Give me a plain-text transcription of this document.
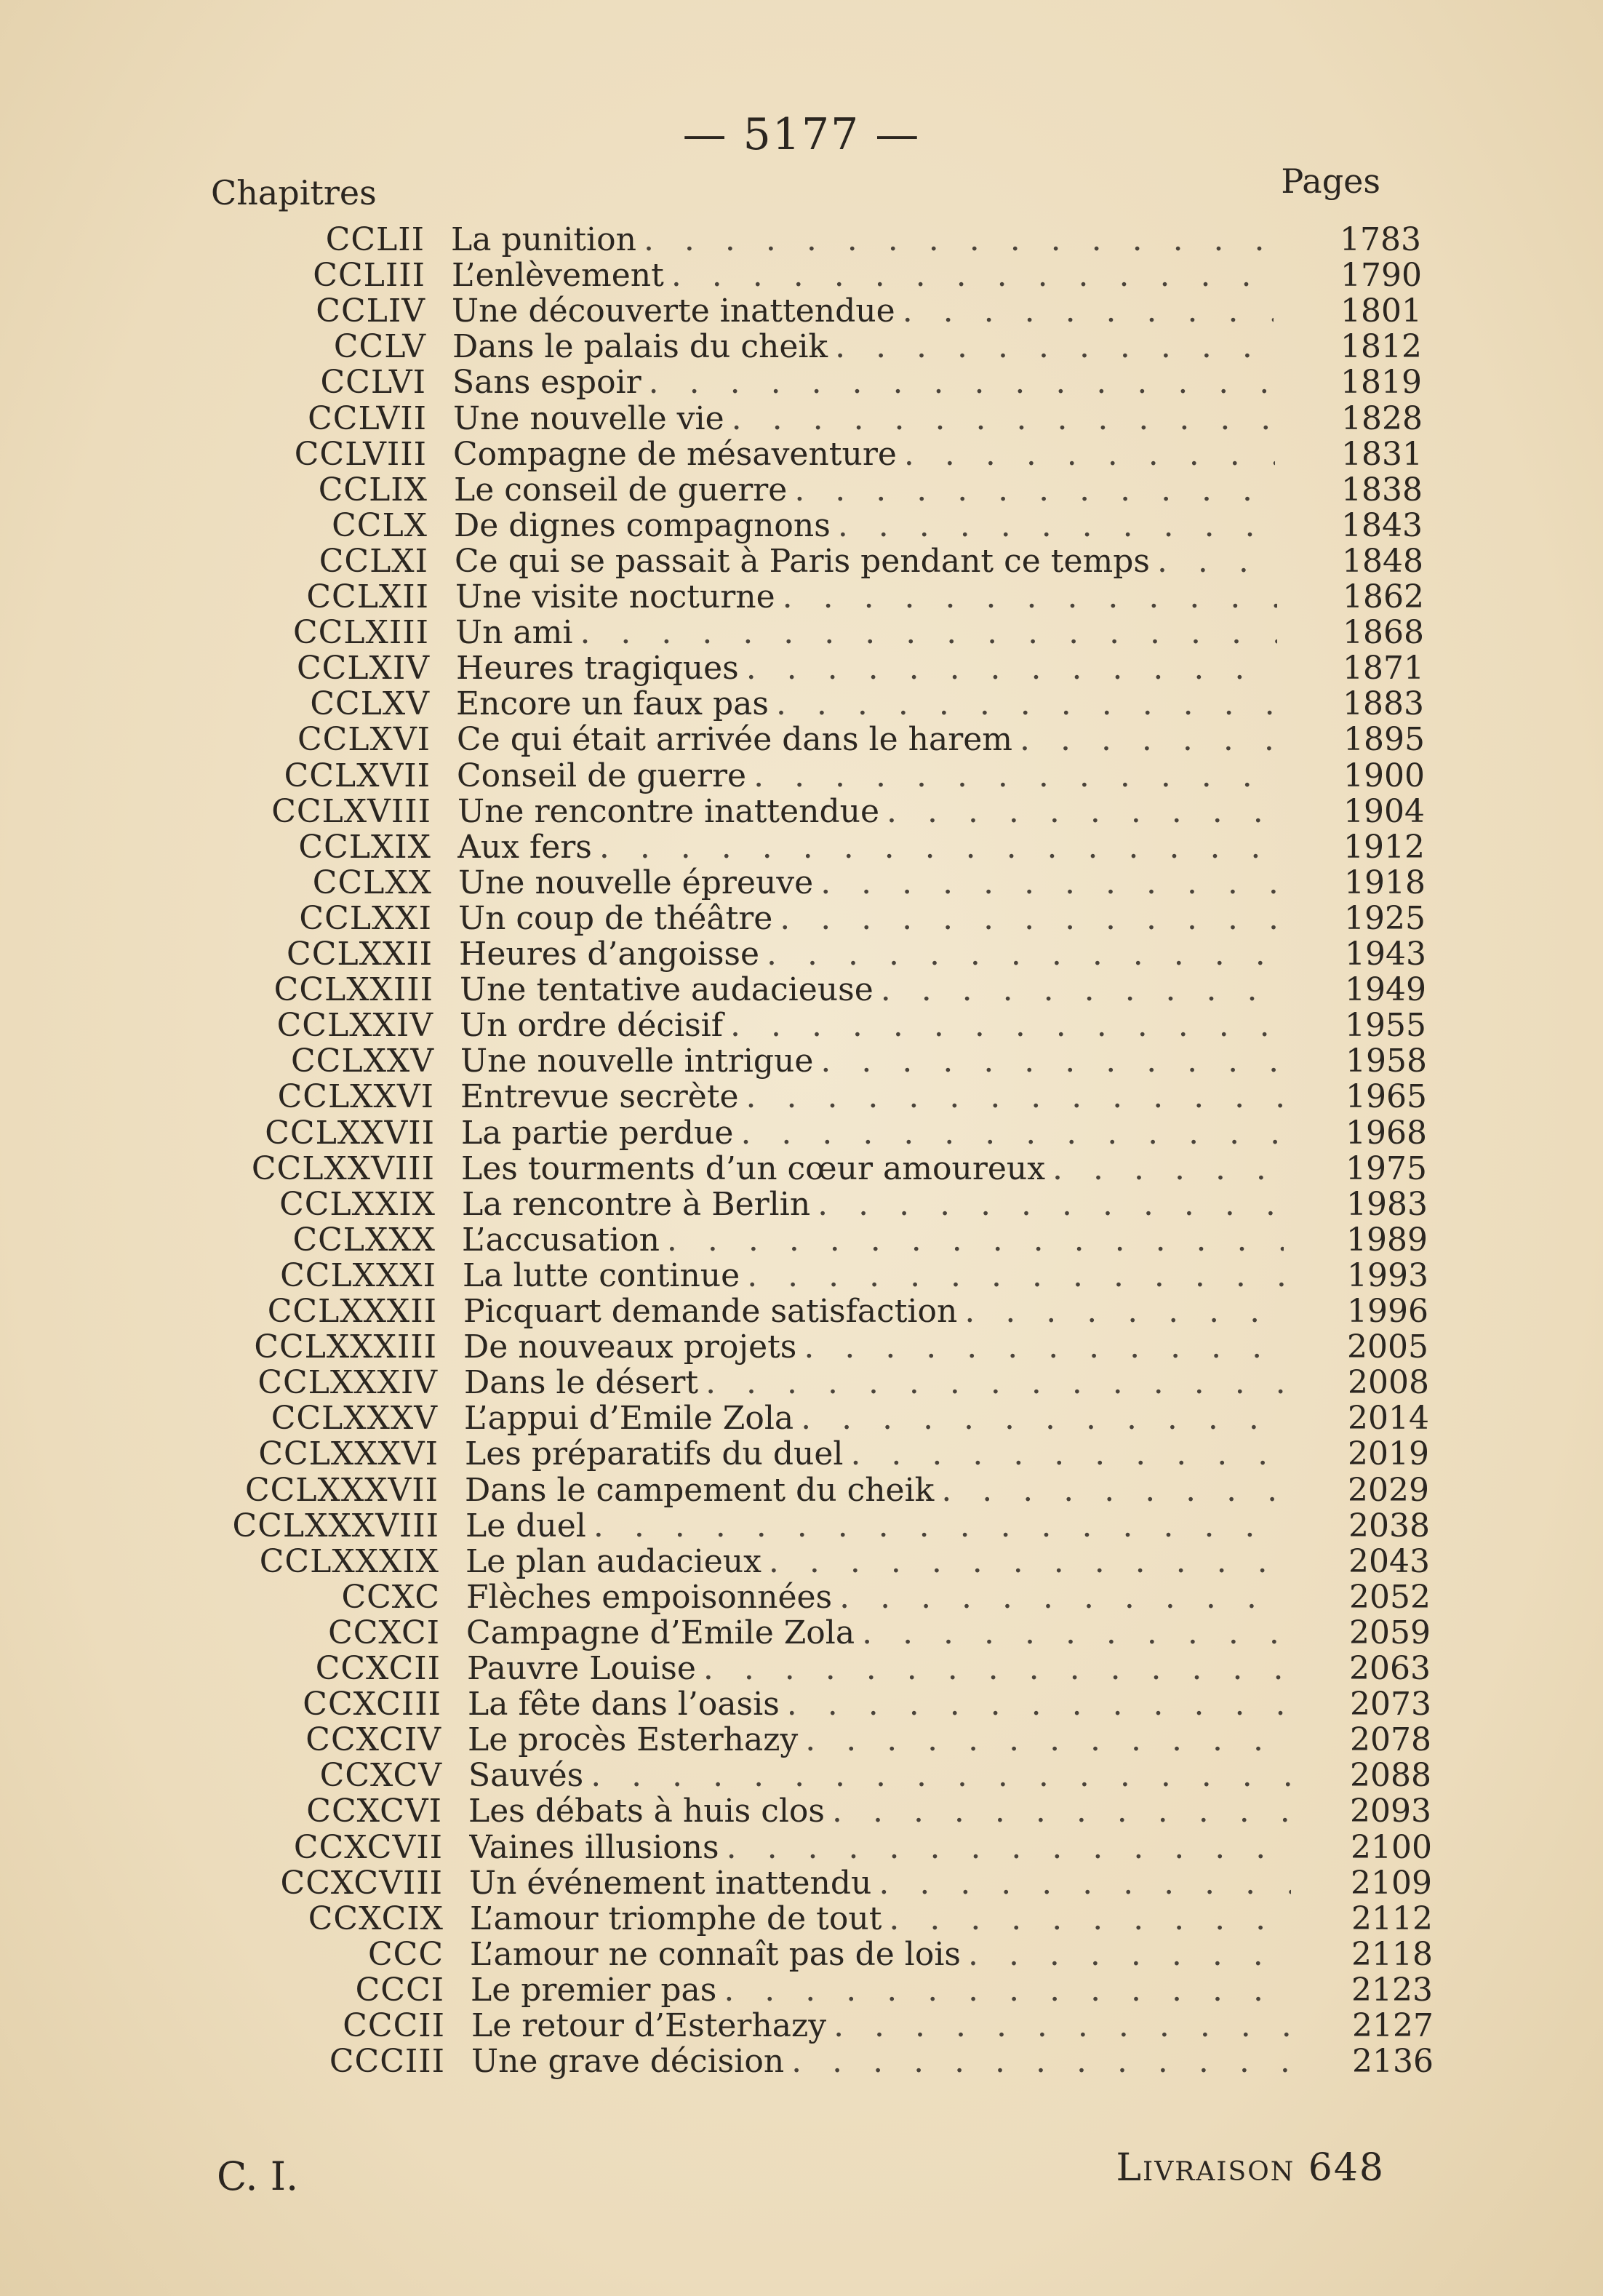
— 5177 —
Chapitres	Pages
CCLII La punition . . .	1783
CCLIII L’enlèvement . . .	1790
CCLIV Une découverte inattendue . . .	1801
CCLV Dans le palais du cheik . . .	1812
CCLVI Sans espoir . . .	1819
CCLVII Une nouvelle vie . . .	1828
CCLVIII Compagne de mésaventure . . .	1831
CCLIX Le conseil de guerre . . .	1838
CCLX De dignes compagnons . . .	1843
CCLXI Ce qui se passait à Paris pendant ce temps . . .	1848
CCLXII Une visite nocturne . . .	1862
CCLXIII Un ami . . .	1868
CCLXIV Heures tragiques . . .	1871
CCLXV Encore un faux pas . . .	1883
CCLXVI Ce qui était arrivée dans le harem . . .	1895
CCLXVII Conseil de guerre . . .	1900
CCLXVIII Une rencontre inattendue . . .	1904
CCLXIX Aux fers . . .	1912
CCLXX Une nouvelle épreuve . . .	1918
CCLXXI Un coup de théâtre . . .	1925
CCLXXII Heures d’angoisse . . .	1943
CCLXXIII Une tentative audacieuse . . .	1949
CCLXXIV Un ordre décisif . . .	1955
CCLXXV Une nouvelle intrigue . . .	1958
CCLXXVI Entrevue secrète . . .	1965
CCLXXVII La partie perdue . . .	1968
CCLXXVIII Les tourments d’un cœur amoureux . . .	1975
CCLXXIX La rencontre à Berlin . . .	1983
CCLXXX L’accusation . . .	1989
CCLXXXI La lutte continue . . .	1993
CCLXXXII Picquart demande satisfaction . . .	1996
CCLXXXIII De nouveaux projets . . .	2005
CCLXXXIV Dans le désert . . .	2008
CCLXXXV L’appui d’Emile Zola . . .	2014
CCLXXXVI Les préparatifs du duel . . .	2019
CCLXXXVII Dans le campement du cheik . . .	2029
CCLXXXVIII Le duel . . .	2038
CCLXXXIX Le plan audacieux . . .	2043
CCXC Flèches empoisonnées . . .	2052
CCXCI Campagne d’Emile Zola . . .	2059
CCXCII Pauvre Louise . . .	2063
CCXCIII La fête dans l’oasis . . .	2073
CCXCIV Le procès Esterhazy . . .	2078
CCXCV Sauvés . . .	2088
CCXCVI Les débats à huis clos . . .	2093
CCXCVII Vaines illusions . . .	2100
CCXCVIII Un événement inattendu . . .	2109
CCXCIX L’amour triomphe de tout . . .	2112
CCC L’amour ne connaît pas de lois . . .	2118
CCCI Le premier pas . . .	2123
CCCII Le retour d’Esterhazy . . .	2127
CCCIII Une grave décision . . .	2136
C. I.	Livraison 648
